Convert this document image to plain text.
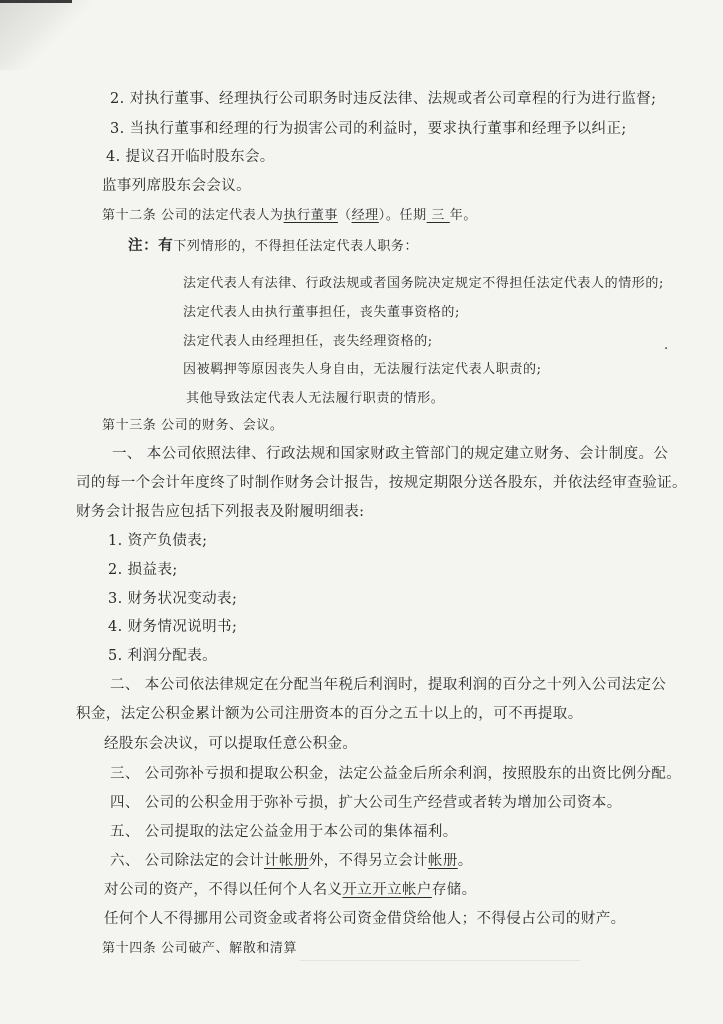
2. 对执行董事、经理执行公司职务时违反法律、法规或者公司章程的行为进行监督;
3. 当执行董事和经理的行为损害公司的利益时，要求执行董事和经理予以纠正;
4. 提议召开临时股东会。
监事列席股东会会议。
第十二条 公司的法定代表人为执行董事（经理）。任期 三 年。
注：有下列情形的，不得担任法定代表人职务：
法定代表人有法律、行政法规或者国务院决定规定不得担任法定代表人的情形的;
法定代表人由执行董事担任，丧失董事资格的;
法定代表人由经理担任，丧失经理资格的;	.
因被羁押等原因丧失人身自由，无法履行法定代表人职责的;
其他导致法定代表人无法履行职责的情形。
第十三条 公司的财务、会议。
一、 本公司依照法律、行政法规和国家财政主管部门的规定建立财务、会计制度。公
司的每一个会计年度终了时制作财务会计报告，按规定期限分送各股东，并依法经审查验证。
财务会计报告应包括下列报表及附履明细表:
1. 资产负债表;
2. 损益表;
3. 财务状况变动表;
4. 财务情况说明书;
5. 利润分配表。
二、 本公司依法律规定在分配当年税后利润时，提取利润的百分之十列入公司法定公
积金，法定公积金累计额为公司注册资本的百分之五十以上的，可不再提取。
经股东会决议，可以提取任意公积金。
三、 公司弥补亏损和提取公积金，法定公益金后所余利润，按照股东的出资比例分配。
四、 公司的公积金用于弥补亏损，扩大公司生产经营或者转为增加公司资本。
五、 公司提取的法定公益金用于本公司的集体福利。
六、 公司除法定的会计计帐册外，不得另立会计帐册。
对公司的资产，不得以任何个人名义开立开立帐户存储。
任何个人不得挪用公司资金或者将公司资金借贷给他人；不得侵占公司的财产。
第十四条 公司破产、解散和清算
